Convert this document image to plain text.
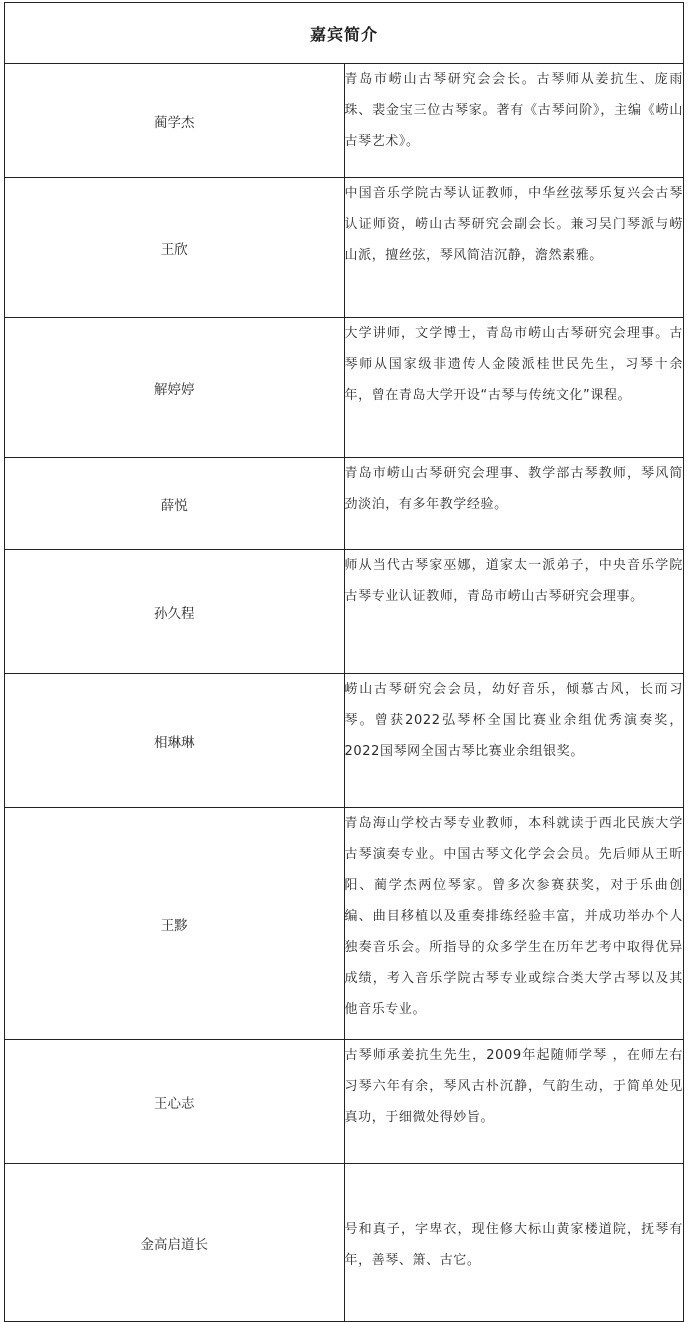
嘉宾简介	
蔺学杰	青岛市崂山古琴研究会会长。古琴师从姜抗生、庞雨珠、裴金宝三位古琴家。著有《古琴问阶》，主编《崂山古琴艺术》。
王欣	中国音乐学院古琴认证教师，中华丝弦琴乐复兴会古琴认证师资，崂山古琴研究会副会长。兼习吴门琴派与崂山派，擅丝弦，琴风简洁沉静，澹然素雅。
解婷婷	大学讲师，文学博士，青岛市崂山古琴研究会理事。古琴师从国家级非遗传人金陵派桂世民先生，习琴十余年，曾在青岛大学开设“古琴与传统文化”课程。
薛悦	青岛市崂山古琴研究会理事、教学部古琴教师，琴风简劲淡泊，有多年教学经验。
孙久程	师从当代古琴家巫娜，道家太一派弟子，中央音乐学院古琴专业认证教师，青岛市崂山古琴研究会理事。
相琳琳	崂山古琴研究会会员，幼好音乐，倾慕古风，长而习琴。曾获2022弘琴杯全国比赛业余组优秀演奏奖，2022国琴网全国古琴比赛业余组银奖。
王黟	青岛海山学校古琴专业教师，本科就读于西北民族大学古琴演奏专业。中国古琴文化学会会员。先后师从王昕阳、蔺学杰两位琴家。曾多次参赛获奖，对于乐曲创编、曲目移植以及重奏排练经验丰富，并成功举办个人独奏音乐会。所指导的众多学生在历年艺考中取得优异成绩，考入音乐学院古琴专业或综合类大学古琴以及其他音乐专业。
王心志	古琴师承姜抗生先生，2009年起随师学琴 ，在师左右习琴六年有余，琴风古朴沉静，气韵生动，于简单处见真功，于细微处得妙旨。
金高启道长	号和真子，字卑衣，现住修大标山黄家楼道院，抚琴有年，善琴、箫、古它。
